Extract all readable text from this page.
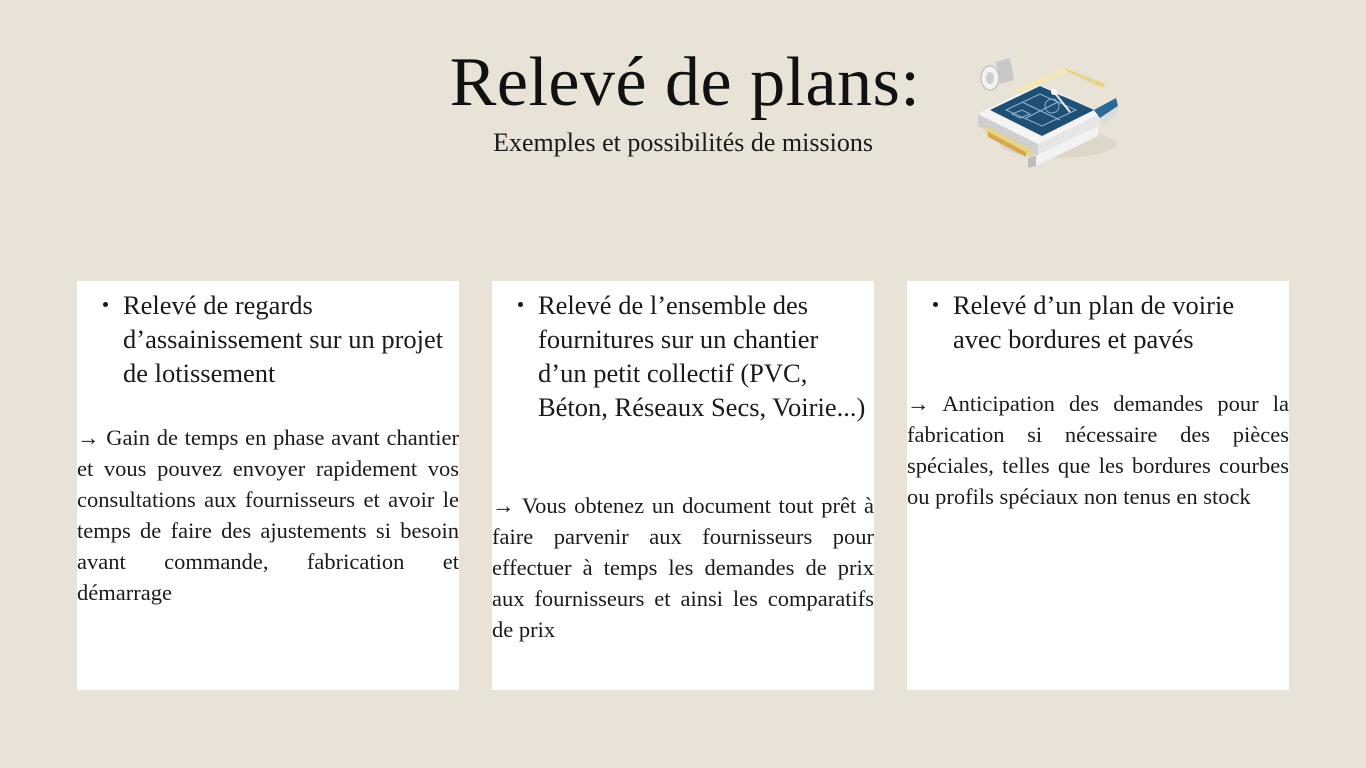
Relevé de plans:
Exemples et possibilités de missions
Relevé de regards d’assainissement sur un projet de lotissement
→ Gain de temps en phase avant chantier et vous pouvez envoyer rapidement vos consultations aux fournisseurs et avoir le temps de faire des ajustements si besoin avant commande, fabrication et démarrage
Relevé de l’ensemble des fournitures sur un chantier d’un petit collectif (PVC, Béton, Réseaux Secs, Voirie...)
→ Vous obtenez un document tout prêt à faire parvenir aux fournisseurs pour effectuer à temps les demandes de prix aux fournisseurs et ainsi les comparatifs de prix
Relevé d’un plan de voirie avec bordures et pavés
→ Anticipation des demandes pour la fabrication si nécessaire des pièces spéciales, telles que les bordures courbes ou profils spéciaux non tenus en stock
